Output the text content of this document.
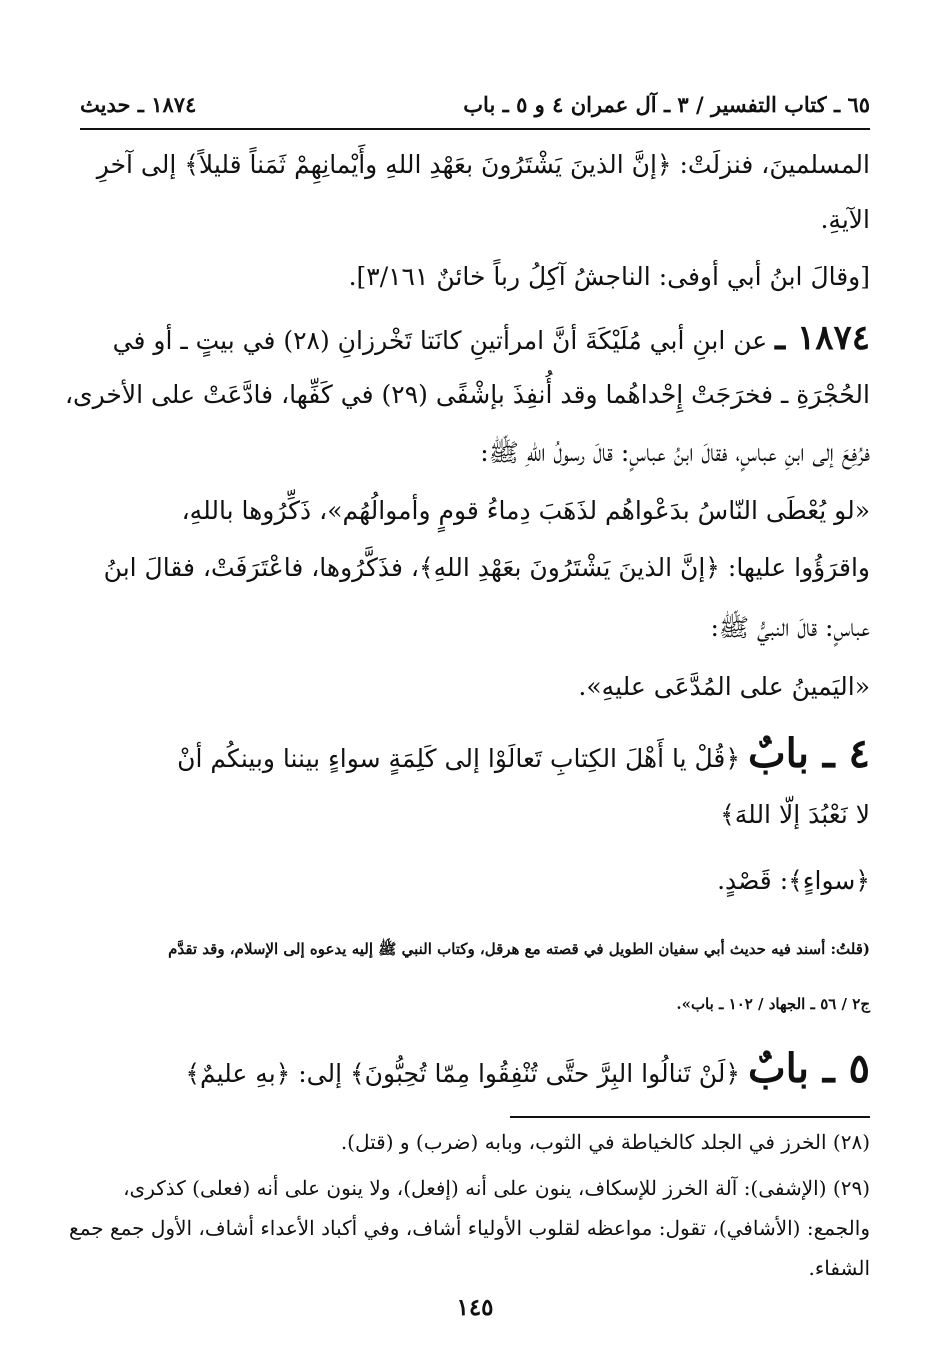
٦٥ ـ كتاب التفسير / ٣ ـ آل عمران ٤ و ٥ ـ باب
١٨٧٤ ـ حديث
المسلمينَ، فنزلَتْ: ﴿إنَّ الذينَ يَشْتَرُونَ بعَهْدِ اللهِ وأَيْمانِهِمْ ثَمَناً قليلاً﴾ إلى آخرِ
الآيةِ.
[وقالَ ابنُ أبي أوفى: الناجشُ آكِلُ رباً خائنٌ ٣/١٦١].
١٨٧٤ ـ عن ابنِ أبي مُلَيْكَةَ أنَّ امرأتينِ كانَتا تَخْرزانِ (٢٨) في بيتٍ ـ أو في
الحُجْرَةِ ـ فخرَجَتْ إِحْداهُما وقد أُنفِذَ بإشْفًى (٢٩) في كَفِّها، فادَّعَتْ على الأخرى،
فرُفِعَ إلى ابنِ عباسٍ، فقالَ ابنُ عباسٍ: قالَ رسولُ اللهِ ﷺ:
«لو يُعْطَى النّاسُ بدَعْواهُم لذَهَبَ دِماءُ قومٍ وأموالُهُم»، ذَكِّرُوها باللهِ،
واقرَؤُوا عليها: ﴿إنَّ الذينَ يَشْتَرُونَ بعَهْدِ اللهِ﴾، فذَكَّرُوها، فاعْتَرَفَتْ، فقالَ ابنُ
عباسٍ: قالَ النبيُّ ﷺ:
«اليَمينُ على المُدَّعَى عليهِ».
٤ ـ بابٌ ﴿قُلْ يا أَهْلَ الكِتابِ تَعالَوْا إلى كَلِمَةٍ سواءٍ بيننا وبينكُم أنْ
لا نَعْبُدَ إلّا اللهَ﴾
﴿سواءٍ﴾: قَصْدٍ.
(قلتُ: أسند فيه حديث أبي سفيان الطويل في قصته مع هرقل، وكتاب النبي ﷺ إليه يدعوه إلى الإسلام، وقد تقدَّم
ج٢ / ٥٦ ـ الجهاد / ١٠٢ ـ باب».
٥ ـ بابٌ ﴿لَنْ تَنالُوا البِرَّ حتَّى تُنْفِقُوا مِمّا تُحِبُّونَ﴾ إلى: ﴿بهِ عليمٌ﴾
(٢٨) الخرز في الجلد كالخياطة في الثوب، وبابه (ضرب) و (قتل).
(٢٩) (الإشفى): آلة الخرز للإسكاف، ينون على أنه (إفعل)، ولا ينون على أنه (فعلى) كذكرى،
والجمع: (الأشافي)، تقول: مواعظه لقلوب الأولياء أشاف، وفي أكباد الأعداء أشاف، الأول جمع جمع
الشفاء.
١٤٥
